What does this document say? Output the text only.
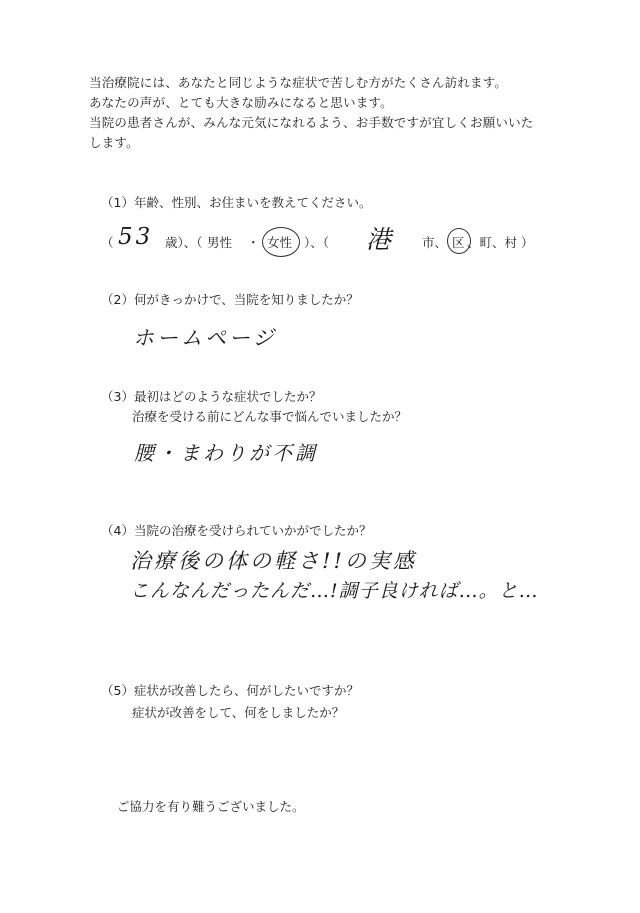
当治療院には、あなたと同じような症状で苦しむ方がたくさん訪れます。
あなたの声が、とても大きな励みになると思います。
当院の患者さんが、みんな元気になれるよう、お手数ですが宜しくお願いいた
します。
（1）年齢、性別、お住まいを教えてください。
（ 53 歳）、（ 男性 ・ 女性 ）、（ 港 市、 区 、町、村 ）
（2）何がきっかけで、当院を知りましたか？
ホームページ
（3）最初はどのような症状でしたか？
治療を受ける前にどんな事で悩んでいましたか？
腰・まわりが不調
（4）当院の治療を受けられていかがでしたか？
治療後の体の軽さ!!の実感
こんなんだったんだ…!調子良ければ…。と…
（5）症状が改善したら、何がしたいですか？
症状が改善をして、何をしましたか？
ご協力を有り難うございました。
